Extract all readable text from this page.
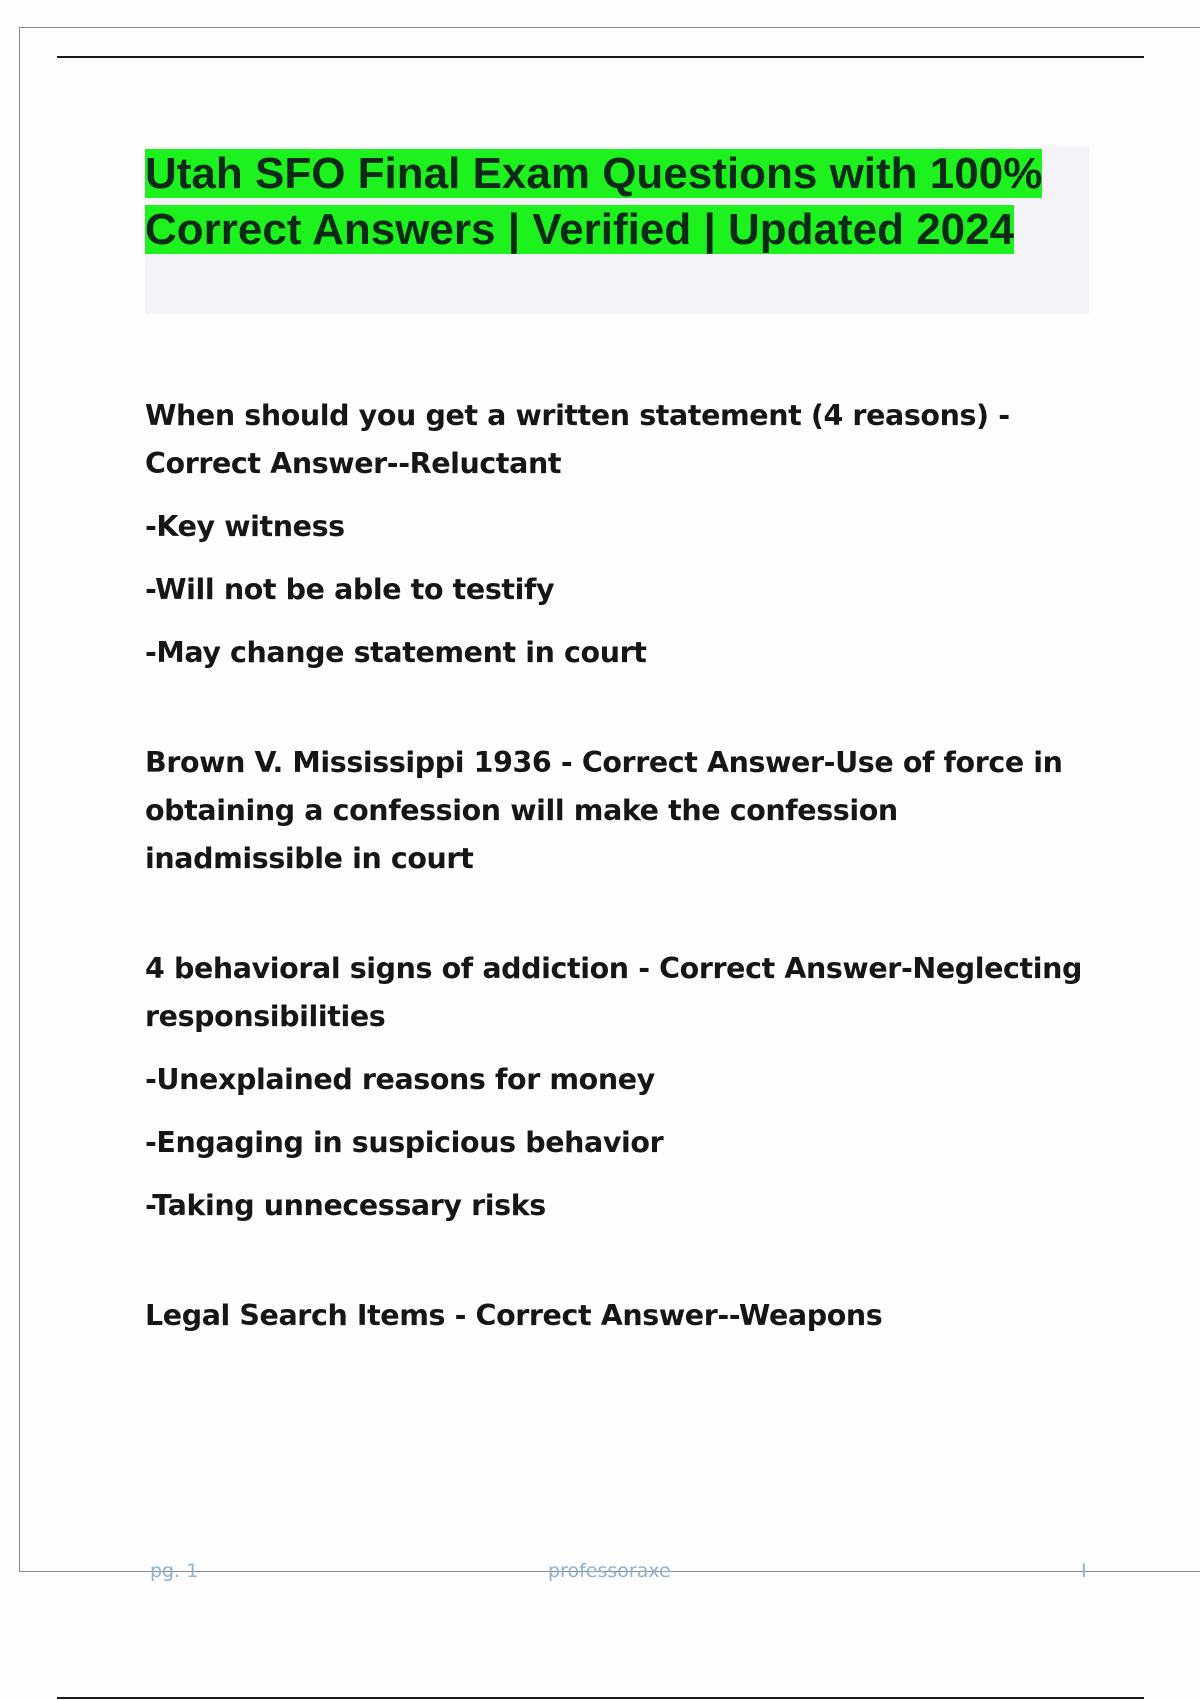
Utah SFO Final Exam Questions with 100% Correct Answers | Verified | Updated 2024

When should you get a written statement (4 reasons) - Correct Answer--Reluctant

-Key witness

-Will not be able to testify

-May change statement in court

Brown V. Mississippi 1936 - Correct Answer-Use of force in obtaining a confession will make the confession inadmissible in court

4 behavioral signs of addiction - Correct Answer-Neglecting responsibilities

-Unexplained reasons for money

-Engaging in suspicious behavior

-Taking unnecessary risks

Legal Search Items - Correct Answer--Weapons

pg. 1	professoraxe	I
